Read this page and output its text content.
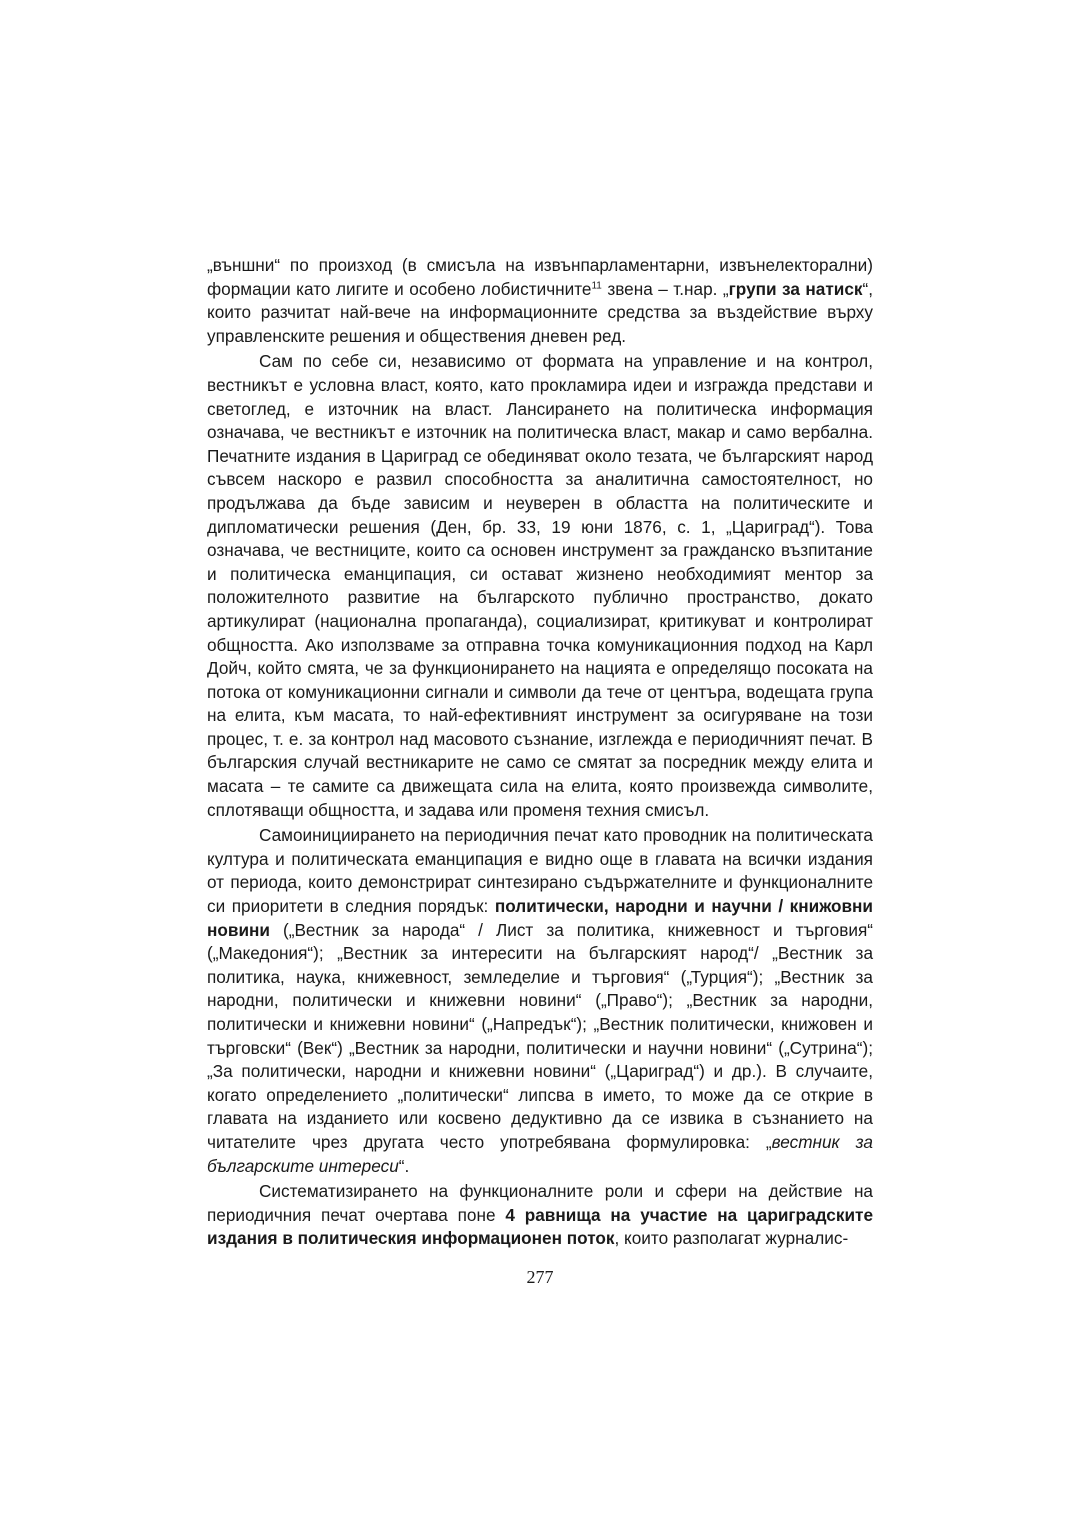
„външни“ по произход (в смисъла на извънпарламентарни, извънелекторални) формации като лигите и особено лобистичните$^{11}$ звена – т.нар. „групи за натиск“, които разчитат най-вече на информационните средства за въздействие върху управленските решения и обществения дневен ред.

Сам по себе си, независимо от формата на управление и на контрол, вестникът е условна власт, която, като прокламира идеи и изгражда представи и светоглед, е източник на власт. Лансирането на политическа информация означава, че вестникът е източник на политическа власт, макар и само вербална. Печатните издания в Цариград се обединяват около тезата, че българският народ съвсем наскоро е развил способността за аналитична самостоятелност, но продължава да бъде зависим и неуверен в областта на политическите и дипломатически решения (Ден, бр. 33, 19 юни 1876, с. 1, „Цариград“). Това означава, че вестниците, които са основен инструмент за гражданско възпитание и политическа еманципация, си остават жизнено необходимият ментор за положителното развитие на българското публично пространство, докато артикулират (национална пропаганда), социализират, критикуват и контролират общността. Ако използваме за отправна точка комуникационния подход на Карл Дойч, който смята, че за функционирането на нацията е определящо посоката на потока от комуникационни сигнали и символи да тече от центъра, водещата група на елита, към масата, то най-ефективният инструмент за осигуряване на този процес, т. е. за контрол над масовото съзнание, изглежда е периодичният печат. В българския случай вестникарите не само се смятат за посредник между елита и масата – те самите са движещата сила на елита, която произвежда символите, сплотяващи общността, и задава или променя техния смисъл.

Самоинициирането на периодичния печат като проводник на политическата култура и политическата еманципация е видно още в главата на всички издания от периода, които демонстрират синтезирано съдържателните и функционалните си приоритети в следния порядък: политически, народни и научни / книжовни новини („Вестник за народа“ / Лист за политика, книжевност и търговия“ („Македония“); „Вестник за интересити на българският народ“/ „Вестник за политика, наука, книжевност, земледелие и търговия“ („Турция“); „Вестник за народни, политически и книжевни новини“ („Право“); „Вестник за народни, политически и книжевни новини“ („Напредък“); „Вестник политически, книжовен и търговски“ (Век“) „Вестник за народни, политически и научни новини“ („Сутрина“); „За политически, народни и книжевни новини“ („Цариград“) и др.). В случаите, когато определението „политически“ липсва в името, то може да се открие в главата на изданието или косвено дедуктивно да се извика в съзнанието на читателите чрез другата често употребявана формулировка: „вестник за българските интереси“.

Систематизирането на функционалните роли и сфери на действие на периодичния печат очертава поне 4 равнища на участие на цариградските издания в политическия информационен поток, които разполагат журналис-

277
